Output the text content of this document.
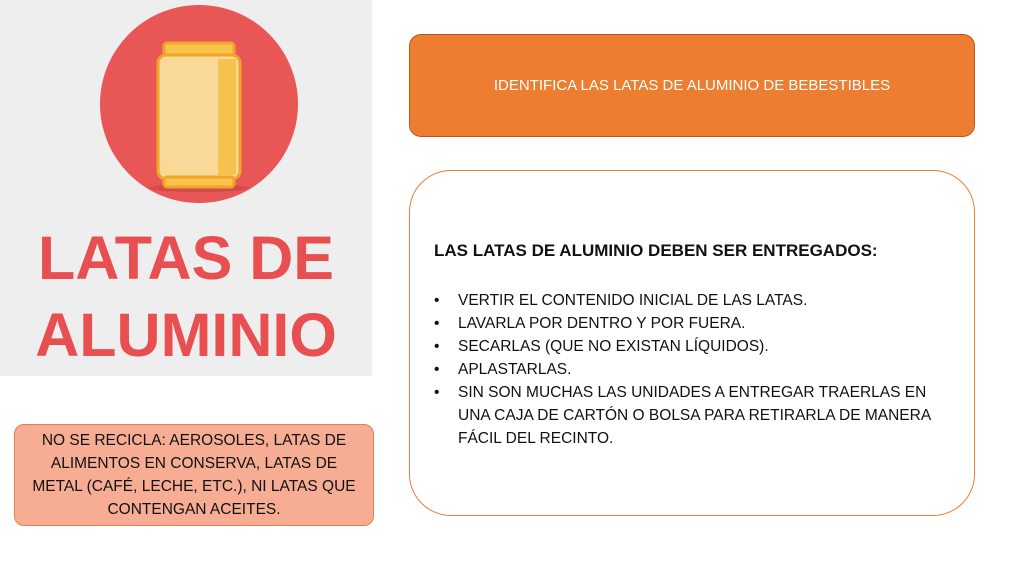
LATAS DE
ALUMINIO
NO SE RECICLA: AEROSOLES, LATAS DE ALIMENTOS EN CONSERVA, LATAS DE METAL (CAFÉ, LECHE, ETC.), NI LATAS QUE CONTENGAN ACEITES.
IDENTIFICA LAS LATAS DE ALUMINIO DE BEBESTIBLES
LAS LATAS DE ALUMINIO DEBEN SER ENTREGADOS:
• VERTIR EL CONTENIDO INICIAL DE LAS LATAS.
• LAVARLA POR DENTRO Y POR FUERA.
• SECARLAS (QUE NO EXISTAN LÍQUIDOS).
• APLASTARLAS.
• SIN SON MUCHAS LAS UNIDADES A ENTREGAR TRAERLAS EN UNA CAJA DE CARTÓN O BOLSA PARA RETIRARLA DE MANERA FÁCIL DEL RECINTO.
